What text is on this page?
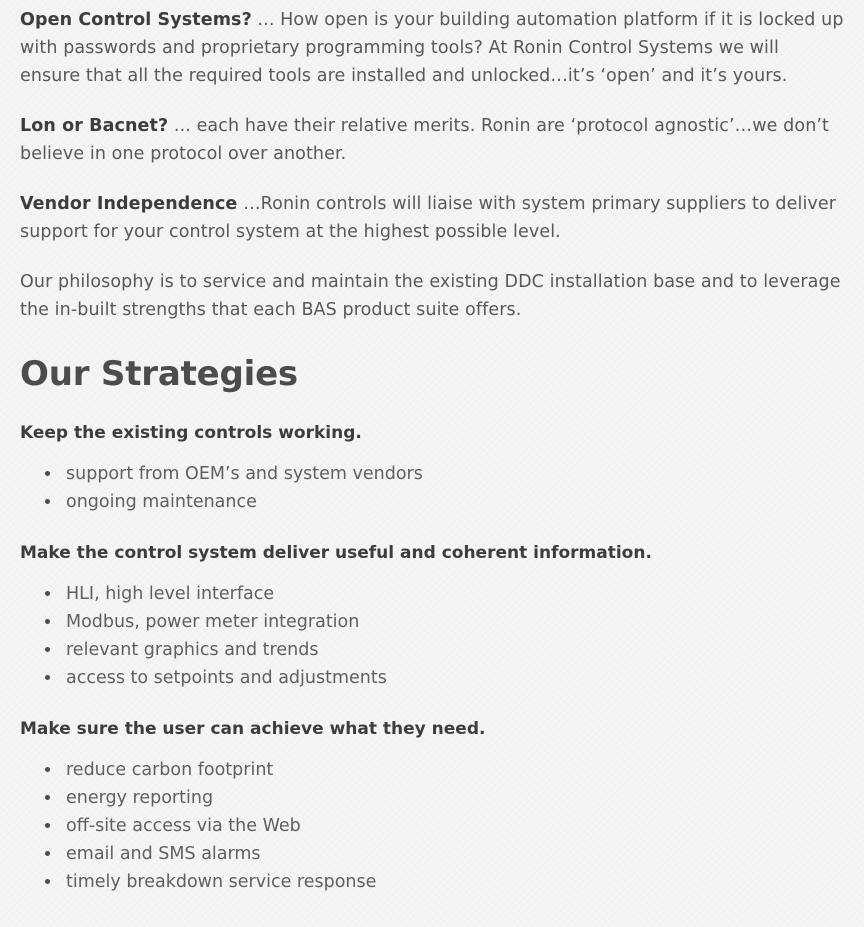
Open Control Systems? ... How open is your building automation platform if it is locked up with passwords and proprietary programming tools? At Ronin Control Systems we will ensure that all the required tools are installed and unlocked…it’s ‘open’ and it’s yours.

Lon or Bacnet? ... each have their relative merits. Ronin are ‘protocol agnostic’…we don’t believe in one protocol over another.

Vendor Independence …Ronin controls will liaise with system primary suppliers to deliver support for your control system at the highest possible level.

Our philosophy is to service and maintain the existing DDC installation base and to leverage the in-built strengths that each BAS product suite offers.

Our Strategies

Keep the existing controls working.

• support from OEM’s and system vendors
• ongoing maintenance

Make the control system deliver useful and coherent information.

• HLI, high level interface
• Modbus, power meter integration
• relevant graphics and trends
• access to setpoints and adjustments

Make sure the user can achieve what they need.

• reduce carbon footprint
• energy reporting
• off-site access via the Web
• email and SMS alarms
• timely breakdown service response
